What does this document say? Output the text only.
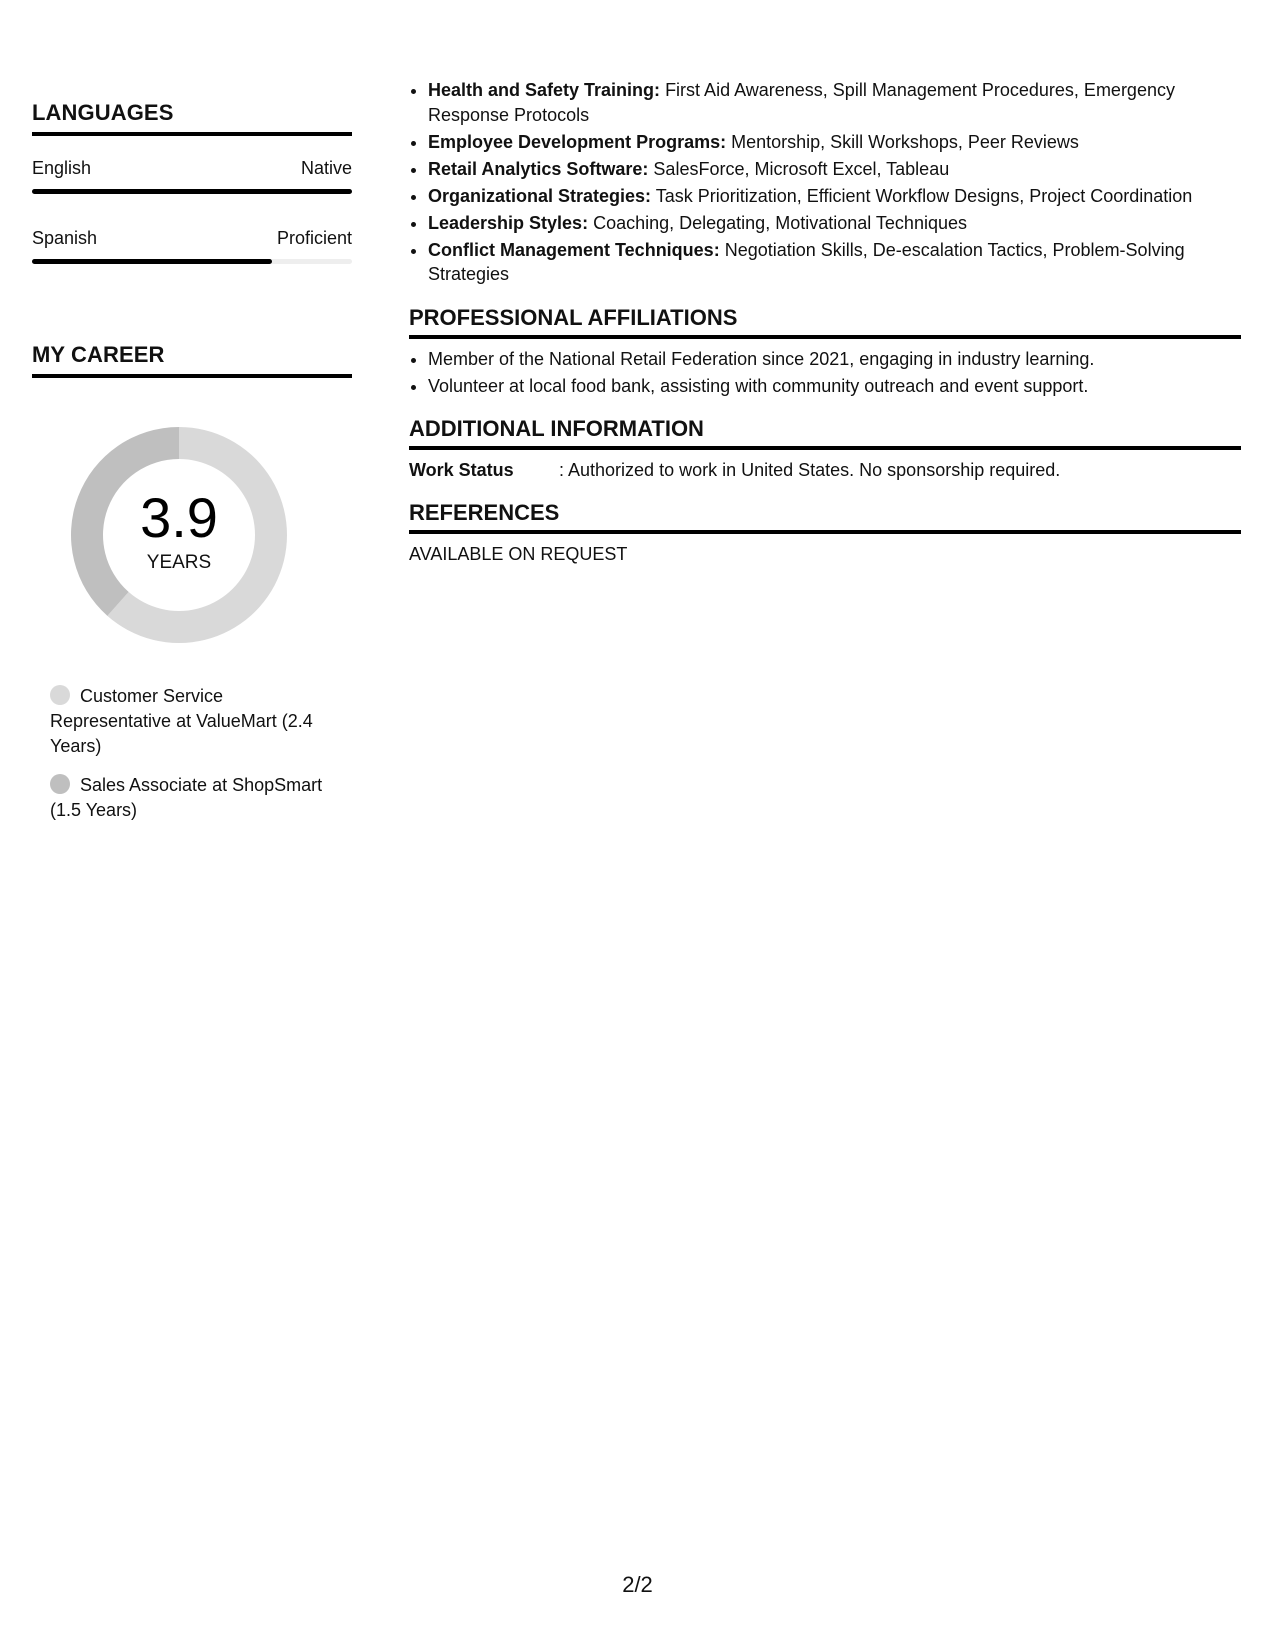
LANGUAGES
English	Native
Spanish	Proficient
MY CAREER
3.9
YEARS
Customer Service Representative at ValueMart (2.4 Years)
Sales Associate at ShopSmart (1.5 Years)
• Health and Safety Training: First Aid Awareness, Spill Management Procedures, Emergency Response Protocols
• Employee Development Programs: Mentorship, Skill Workshops, Peer Reviews
• Retail Analytics Software: SalesForce, Microsoft Excel, Tableau
• Organizational Strategies: Task Prioritization, Efficient Workflow Designs, Project Coordination
• Leadership Styles: Coaching, Delegating, Motivational Techniques
• Conflict Management Techniques: Negotiation Skills, De-escalation Tactics, Problem-Solving Strategies
PROFESSIONAL AFFILIATIONS
• Member of the National Retail Federation since 2021, engaging in industry learning.
• Volunteer at local food bank, assisting with community outreach and event support.
ADDITIONAL INFORMATION
Work Status	: Authorized to work in United States. No sponsorship required.
REFERENCES
AVAILABLE ON REQUEST
2/2
